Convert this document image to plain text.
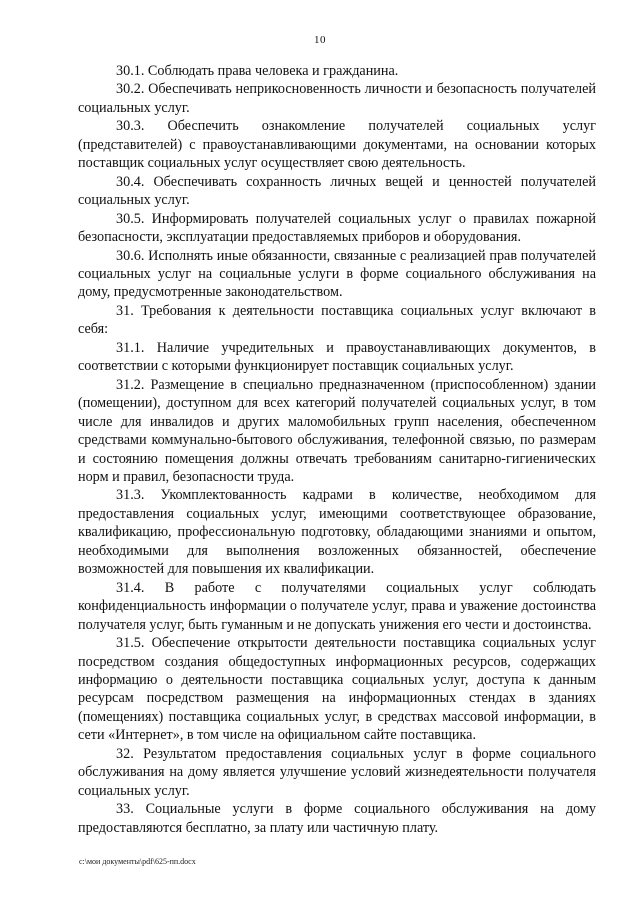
10

30.1. Соблюдать права человека и гражданина.

30.2. Обеспечивать неприкосновенность личности и безопасность получателей социальных услуг.

30.3. Обеспечить ознакомление получателей социальных услуг (представителей) с правоустанавливающими документами, на основании которых поставщик социальных услуг осуществляет свою деятельность.

30.4. Обеспечивать сохранность личных вещей и ценностей получателей социальных услуг.

30.5. Информировать получателей социальных услуг о правилах пожарной безопасности, эксплуатации предоставляемых приборов и оборудования.

30.6. Исполнять иные обязанности, связанные с реализацией прав получателей социальных услуг на социальные услуги в форме социального обслуживания на дому, предусмотренные законодательством.

31. Требования к деятельности поставщика социальных услуг включают в себя:

31.1. Наличие учредительных и правоустанавливающих документов, в соответствии с которыми функционирует поставщик социальных услуг.

31.2. Размещение в специально предназначенном (приспособленном) здании (помещении), доступном для всех категорий получателей социальных услуг, в том числе для инвалидов и других маломобильных групп населения, обеспеченном средствами коммунально-бытового обслуживания, телефонной связью, по размерам и состоянию помещения должны отвечать требованиям санитарно-гигиенических норм и правил, безопасности труда.

31.3. Укомплектованность кадрами в количестве, необходимом для предоставления социальных услуг, имеющими соответствующее образование, квалификацию, профессиональную подготовку, обладающими знаниями и опытом, необходимыми для выполнения возложенных обязанностей, обеспечение возможностей для повышения их квалификации.

31.4. В работе с получателями социальных услуг соблюдать конфиденциальность информации о получателе услуг, права и уважение достоинства получателя услуг, быть гуманным и не допускать унижения его чести и достоинства.

31.5. Обеспечение открытости деятельности поставщика социальных услуг посредством создания общедоступных информационных ресурсов, содержащих информацию о деятельности поставщика социальных услуг, доступа к данным ресурсам посредством размещения на информационных стендах в зданиях (помещениях) поставщика социальных услуг, в средствах массовой информации, в сети «Интернет», в том числе на официальном сайте поставщика.

32. Результатом предоставления социальных услуг в форме социального обслуживания на дому является улучшение условий жизнедеятельности получателя социальных услуг.

33. Социальные услуги в форме социального обслуживания на дому предоставляются бесплатно, за плату или частичную плату.

c:\мои документы\pdf\625-пп.docx
